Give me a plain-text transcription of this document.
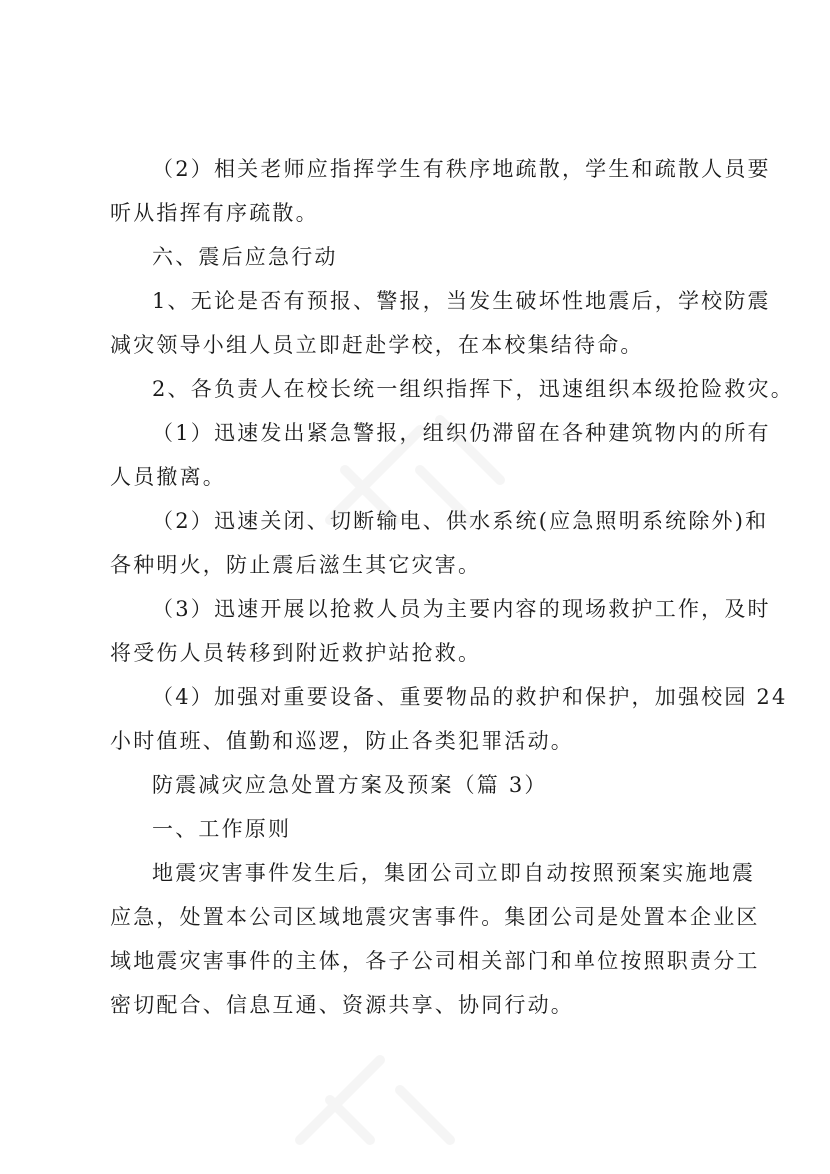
（2）相关老师应指挥学生有秩序地疏散，学生和疏散人员要
听从指挥有序疏散。

六、震后应急行动

1、无论是否有预报、警报，当发生破坏性地震后，学校防震
减灾领导小组人员立即赶赴学校，在本校集结待命。

2、各负责人在校长统一组织指挥下，迅速组织本级抢险救灾。

（1）迅速发出紧急警报，组织仍滞留在各种建筑物内的所有
人员撤离。

（2）迅速关闭、切断输电、供水系统(应急照明系统除外)和
各种明火，防止震后滋生其它灾害。

（3）迅速开展以抢救人员为主要内容的现场救护工作，及时
将受伤人员转移到附近救护站抢救。

（4）加强对重要设备、重要物品的救护和保护，加强校园 24
小时值班、值勤和巡逻，防止各类犯罪活动。

防震减灾应急处置方案及预案（篇 3）

一、工作原则

地震灾害事件发生后，集团公司立即自动按照预案实施地震
应急，处置本公司区域地震灾害事件。集团公司是处置本企业区
域地震灾害事件的主体，各子公司相关部门和单位按照职责分工
密切配合、信息互通、资源共享、协同行动。
